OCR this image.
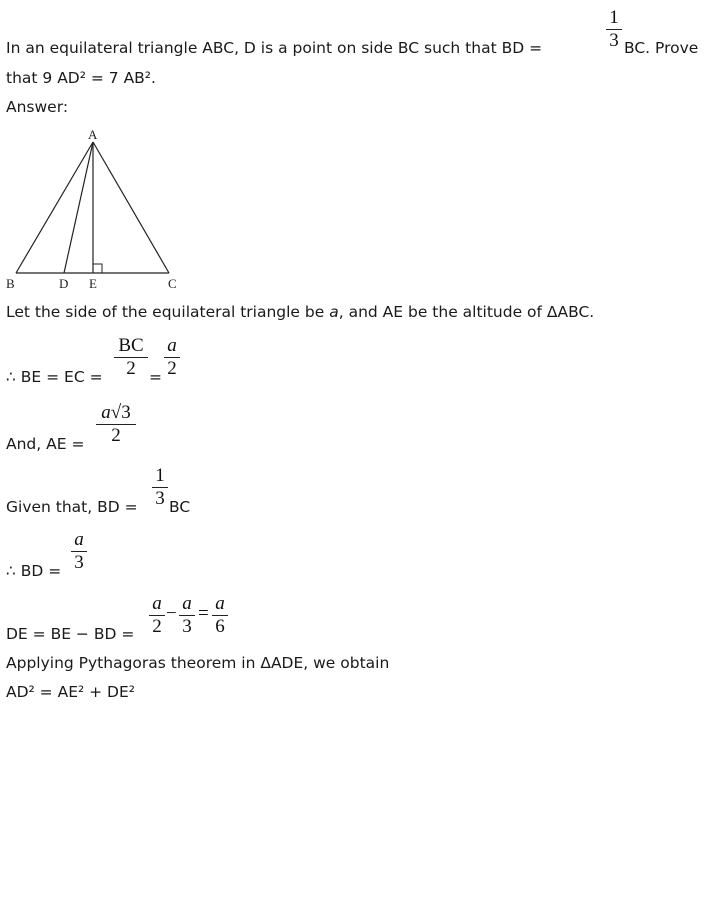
In an equilateral triangle ABC, D is a point on side BC such that BD =
1
3 BC. Prove
that 9 AD² = 7 AB².
Answer:
A
B	D E	C
Let the side of the equilateral triangle be a, and AE be the altitude of ΔABC.
∴ BE = EC =
BC
2 =
a
2
And, AE =
a√3
2
Given that, BD =
1
3 BC
∴ BD =
a
3
DE = BE − BD =
a
2
− a
3
= a
6
Applying Pythagoras theorem in ΔADE, we obtain
AD² = AE² + DE²
